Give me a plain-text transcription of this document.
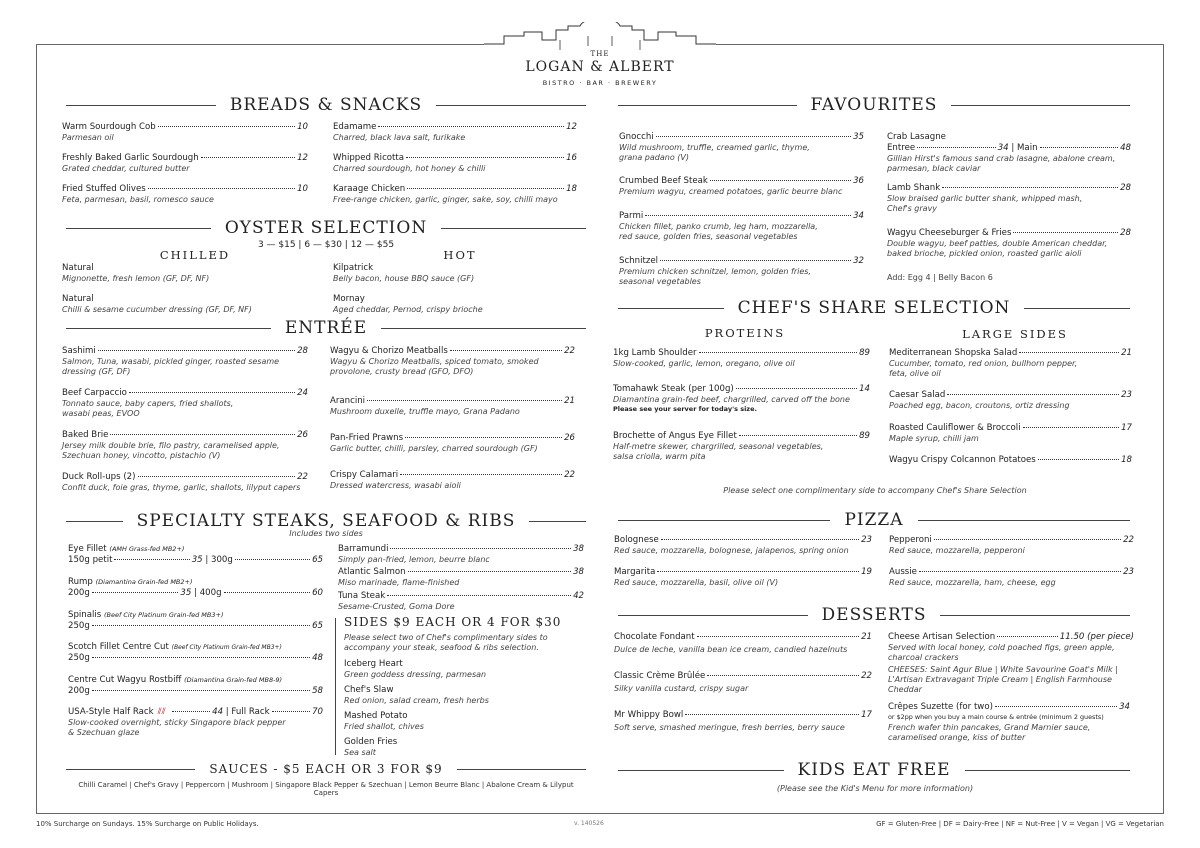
THE
LOGAN & ALBERT
BISTRO · BAR · BREWERY
BREADS & SNACKS
Warm Sourdough Cob	10
Parmesan oil
Freshly Baked Garlic Sourdough	12
Grated cheddar, cultured butter
Fried Stuffed Olives	10
Feta, parmesan, basil, romesco sauce
Edamame	12
Charred, black lava salt, furikake
Whipped Ricotta	16
Charred sourdough, hot honey & chilli
Karaage Chicken	18
Free-range chicken, garlic, ginger, sake, soy, chilli mayo
OYSTER SELECTION
3 — $15 | 6 — $30 | 12 — $55
CHILLED	HOT
Natural
Mignonette, fresh lemon (GF, DF, NF)
Natural
Chilli & sesame cucumber dressing (GF, DF, NF)
Kilpatrick
Belly bacon, house BBQ sauce (GF)
Mornay
Aged cheddar, Pernod, crispy brioche
ENTRÉE
Sashimi	28
Salmon, Tuna, wasabi, pickled ginger, roasted sesame
dressing (GF, DF)
Beef Carpaccio	24
Tonnato sauce, baby capers, fried shallots,
wasabi peas, EVOO
Baked Brie	26
Jersey milk double brie, filo pastry, caramelised apple,
Szechuan honey, vincotto, pistachio (V)
Duck Roll-ups (2)	22
Confit duck, foie gras, thyme, garlic, shallots, lilyput capers
Wagyu & Chorizo Meatballs	22
Wagyu & Chorizo Meatballs, spiced tomato, smoked
provolone, crusty bread (GFO, DFO)
Arancini	21
Mushroom duxelle, truffle mayo, Grana Padano
Pan-Fried Prawns	26
Garlic butter, chilli, parsley, charred sourdough (GF)
Crispy Calamari	22
Dressed watercress, wasabi aioli
SPECIALTY STEAKS, SEAFOOD & RIBS
Includes two sides
Eye Fillet
(AMH Grass-fed MB2+)
150g petit	35 | 300g	65
Rump
(Diamantina Grain-fed MB2+)
200g	35 | 400g	60
Spinalis
(Beef City Platinum Grain-fed MB3+)
250g	65
Scotch Fillet Centre Cut
(Beef City Platinum Grain-fed MB3+)
250g	48
Centre Cut Wagyu Rostbiff
(Diamantina Grain-fed MB8-9)
200g	58
USA-Style Half Rack ⫽⫽	44 | Full Rack	70
Slow-cooked overnight, sticky Singapore black pepper
& Szechuan glaze
Barramundi	38
Simply pan-fried, lemon, beurre blanc
Atlantic Salmon	38
Miso marinade, flame-finished
Tuna Steak	42
Sesame-Crusted, Goma Dore
SIDES $9 EACH OR 4 FOR $30
Please select two of Chef's complimentary sides to
accompany your steak, seafood & ribs selection.
Iceberg Heart
Green goddess dressing, parmesan
Chef's Slaw
Red onion, salad cream, fresh herbs
Mashed Potato
Fried shallot, chives
Golden Fries
Sea salt
SAUCES - $5 EACH OR 3 FOR $9
Chilli Caramel | Chef's Gravy | Peppercorn | Mushroom | Singapore Black Pepper & Szechuan | Lemon Beurre Blanc | Abalone Cream & Lilyput Capers
FAVOURITES
Gnocchi	35
Wild mushroom, truffle, creamed garlic, thyme,
grana padano (V)
Crumbed Beef Steak	36
Premium wagyu, creamed potatoes, garlic beurre blanc
Parmi	34
Chicken fillet, panko crumb, leg ham, mozzarella,
red sauce, golden fries, seasonal vegetables
Schnitzel	32
Premium chicken schnitzel, lemon, golden fries,
seasonal vegetables
Crab Lasagne
Entree	34 | Main	48
Gillian Hirst's famous sand crab lasagne, abalone cream,
parmesan, black caviar
Lamb Shank	28
Slow braised garlic butter shank, whipped mash,
Chef's gravy
Wagyu Cheeseburger & Fries	28
Double wagyu, beef patties, double American cheddar,
baked brioche, pickled onion, roasted garlic aioli
Add: Egg 4 | Belly Bacon 6
CHEF'S SHARE SELECTION
PROTEINS	LARGE SIDES
1kg Lamb Shoulder	89
Slow-cooked, garlic, lemon, oregano, olive oil
Tomahawk Steak (per 100g)	14
Diamantina grain-fed beef, chargrilled, carved off the bone
Please see your server for today's size.
Brochette of Angus Eye Fillet	89
Half-metre skewer, chargrilled, seasonal vegetables,
salsa criolla, warm pita
Mediterranean Shopska Salad	21
Cucumber, tomato, red onion, bullhorn pepper,
feta, olive oil
Caesar Salad	23
Poached egg, bacon, croutons, ortiz dressing
Roasted Cauliflower & Broccoli	17
Maple syrup, chilli jam
Wagyu Crispy Colcannon Potatoes	18
Please select one complimentary side to accompany Chef's Share Selection
PIZZA
Bolognese	23
Red sauce, mozzarella, bolognese, jalapenos, spring onion
Margarita	19
Red sauce, mozzarella, basil, olive oil (V)
Pepperoni	22
Red sauce, mozzarella, pepperoni
Aussie	23
Red sauce, mozzarella, ham, cheese, egg
DESSERTS
Chocolate Fondant	21
Dulce de leche, vanilla bean ice cream, candied hazelnuts
Classic Crème Brûlée	22
Silky vanilla custard, crispy sugar
Mr Whippy Bowl	17
Soft serve, smashed meringue, fresh berries, berry sauce
Cheese Artisan Selection	11.50 (per piece)
Served with local honey, cold poached figs, green apple,
charcoal crackers
CHEESES: Saint Agur Blue | White Savourine Goat's Milk |
L'Artisan Extravagant Triple Cream | English Farmhouse Cheddar
Crêpes Suzette (for two)	34
or $2pp when you buy a main course & entrée (minimum 2 guests)
French wafer thin pancakes, Grand Marnier sauce,
caramelised orange, kiss of butter
KIDS EAT FREE
(Please see the Kid's Menu for more information)
10% Surcharge on Sundays. 15% Surcharge on Public Holidays.	v. 140526	GF = Gluten-Free | DF = Dairy-Free | NF = Nut-Free | V = Vegan | VG = Vegetarian
